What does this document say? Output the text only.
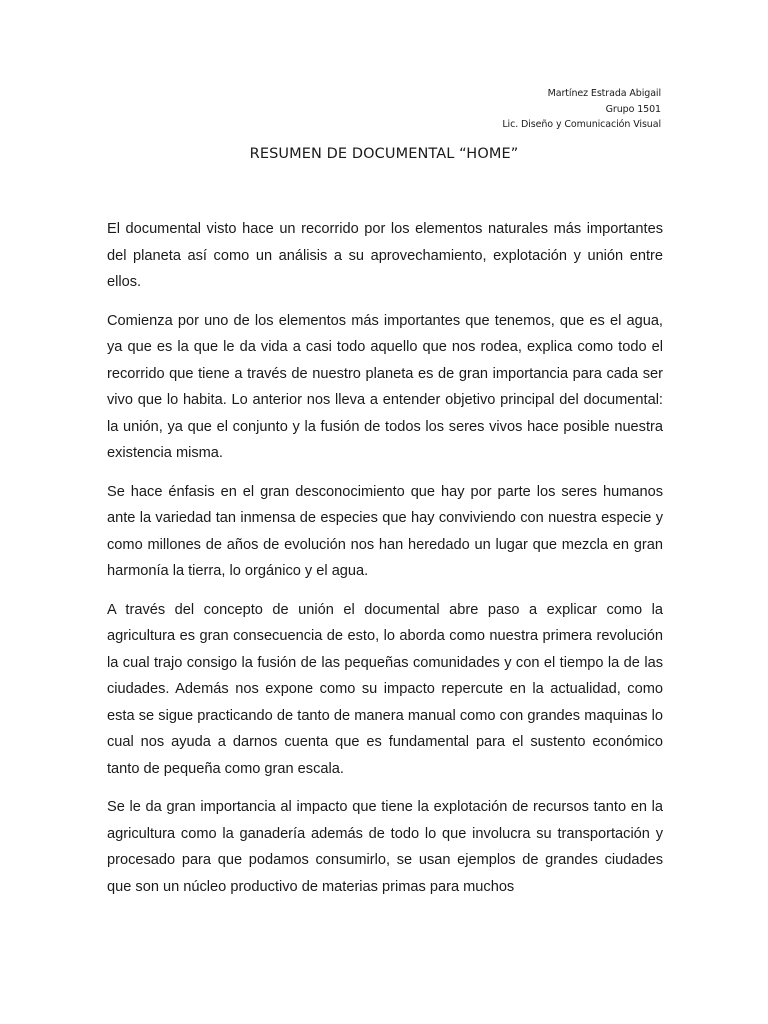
Martínez Estrada Abigail
Grupo 1501
Lic. Diseño y Comunicación Visual
RESUMEN DE DOCUMENTAL “HOME”

El documental visto hace un recorrido por los elementos naturales más importantes del planeta así como un análisis a su aprovechamiento, explotación y unión entre ellos.

Comienza por uno de los elementos más importantes que tenemos, que es el agua, ya que es la que le da vida a casi todo aquello que nos rodea, explica como todo el recorrido que tiene a través de nuestro planeta es de gran importancia para cada ser vivo que lo habita. Lo anterior nos lleva a entender objetivo principal del documental: la unión, ya que el conjunto y la fusión de todos los seres vivos hace posible nuestra existencia misma.

Se hace énfasis en el gran desconocimiento que hay por parte los seres humanos ante la variedad tan inmensa de especies que hay conviviendo con nuestra especie y como millones de años de evolución nos han heredado un lugar que mezcla en gran harmonía la tierra, lo orgánico y el agua.

A través del concepto de unión el documental abre paso a explicar como la agricultura es gran consecuencia de esto, lo aborda como nuestra primera revolución la cual trajo consigo la fusión de las pequeñas comunidades y con el tiempo la de las ciudades. Además nos expone como su impacto repercute en la actualidad, como esta se sigue practicando de tanto de manera manual como con grandes maquinas lo cual nos ayuda a darnos cuenta que es fundamental para el sustento económico tanto de pequeña como gran escala.

Se le da gran importancia al impacto que tiene la explotación de recursos tanto en la agricultura como la ganadería además de todo lo que involucra su transportación y procesado para que podamos consumirlo, se usan ejemplos de grandes ciudades que son un núcleo productivo de materias primas para muchos
